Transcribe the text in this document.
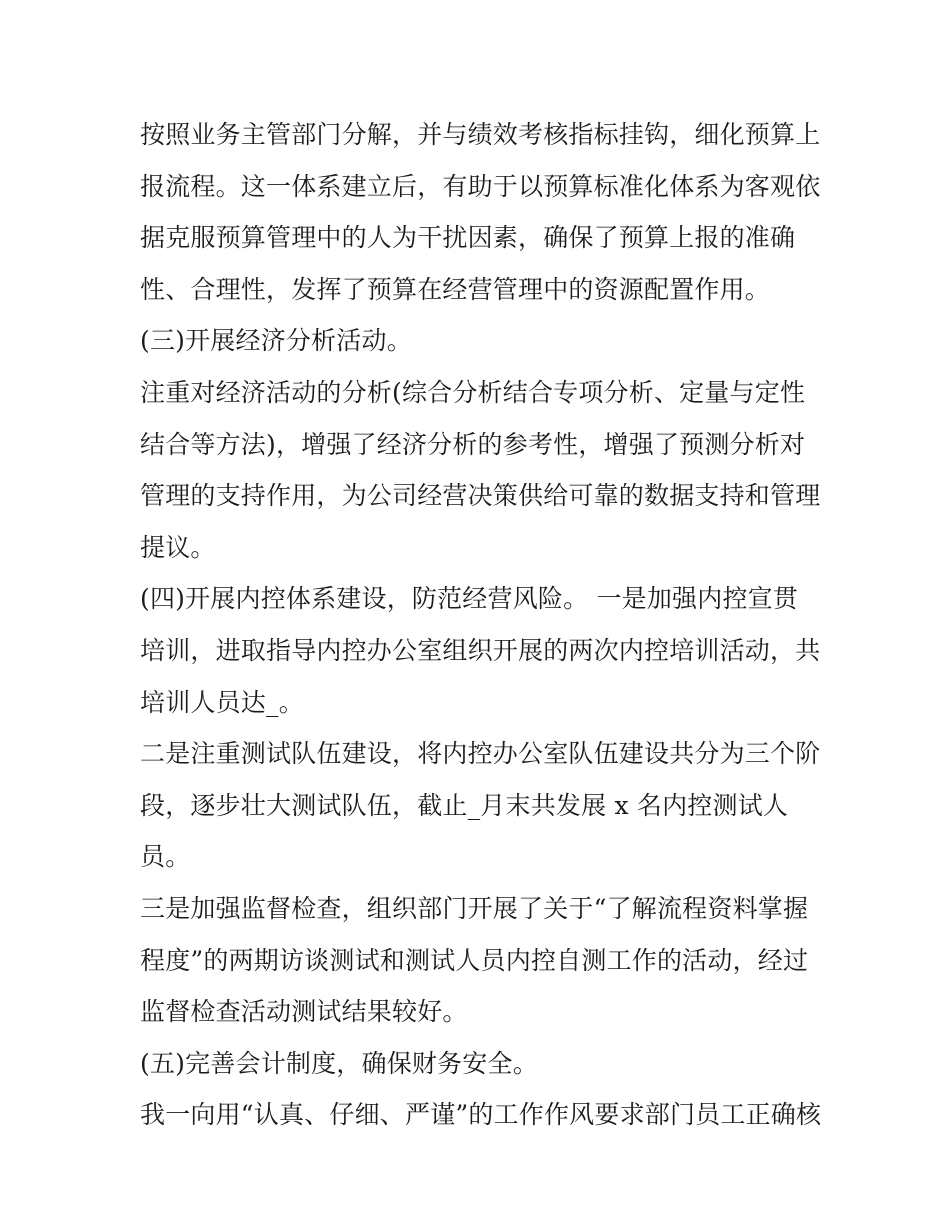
按照业务主管部门分解，并与绩效考核指标挂钩，细化预算上
报流程。这一体系建立后，有助于以预算标准化体系为客观依
据克服预算管理中的人为干扰因素，确保了预算上报的准确
性、合理性，发挥了预算在经营管理中的资源配置作用。
(三)开展经济分析活动。
注重对经济活动的分析(综合分析结合专项分析、定量与定性
结合等方法)，增强了经济分析的参考性，增强了预测分析对
管理的支持作用，为公司经营决策供给可靠的数据支持和管理
提议。
(四)开展内控体系建设，防范经营风险。 一是加强内控宣贯
培训，进取指导内控办公室组织开展的两次内控培训活动，共
培训人员达_。
二是注重测试队伍建设，将内控办公室队伍建设共分为三个阶
段，逐步壮大测试队伍，截止_月末共发展 x 名内控测试人
员。
三是加强监督检查，组织部门开展了关于“了解流程资料掌握
程度”的两期访谈测试和测试人员内控自测工作的活动，经过
监督检查活动测试结果较好。
(五)完善会计制度，确保财务安全。
我一向用“认真、仔细、严谨”的工作作风要求部门员工正确核
